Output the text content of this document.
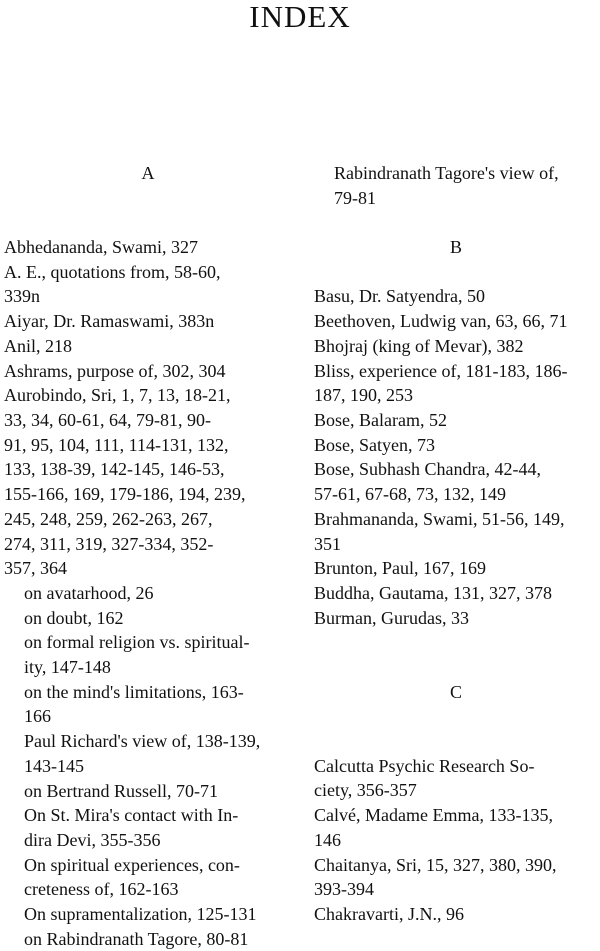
INDEX
A
Abhedananda, Swami, 327
A. E., quotations from, 58-60,
339n
Aiyar, Dr. Ramaswami, 383n
Anil, 218
Ashrams, purpose of, 302, 304
Aurobindo, Sri, 1, 7, 13, 18-21,
33, 34, 60-61, 64, 79-81, 90-
91, 95, 104, 111, 114-131, 132,
133, 138-39, 142-145, 146-53,
155-166, 169, 179-186, 194, 239,
245, 248, 259, 262-263, 267,
274, 311, 319, 327-334, 352-
357, 364
on avatarhood, 26
on doubt, 162
on formal religion vs. spiritual-
ity, 147-148
on the mind's limitations, 163-
166
Paul Richard's view of, 138-139,
143-145
on Bertrand Russell, 70-71
On St. Mira's contact with In-
dira Devi, 355-356
On spiritual experiences, con-
creteness of, 162-163
On supramentalization, 125-131
on Rabindranath Tagore, 80-81
Rabindranath Tagore's view of,
79-81
B
Basu, Dr. Satyendra, 50
Beethoven, Ludwig van, 63, 66, 71
Bhojraj (king of Mevar), 382
Bliss, experience of, 181-183, 186-
187, 190, 253
Bose, Balaram, 52
Bose, Satyen, 73
Bose, Subhash Chandra, 42-44,
57-61, 67-68, 73, 132, 149
Brahmananda, Swami, 51-56, 149,
351
Brunton, Paul, 167, 169
Buddha, Gautama, 131, 327, 378
Burman, Gurudas, 33
C
Calcutta Psychic Research So-
ciety, 356-357
Calvé, Madame Emma, 133-135,
146
Chaitanya, Sri, 15, 327, 380, 390,
393-394
Chakravarti, J.N., 96
